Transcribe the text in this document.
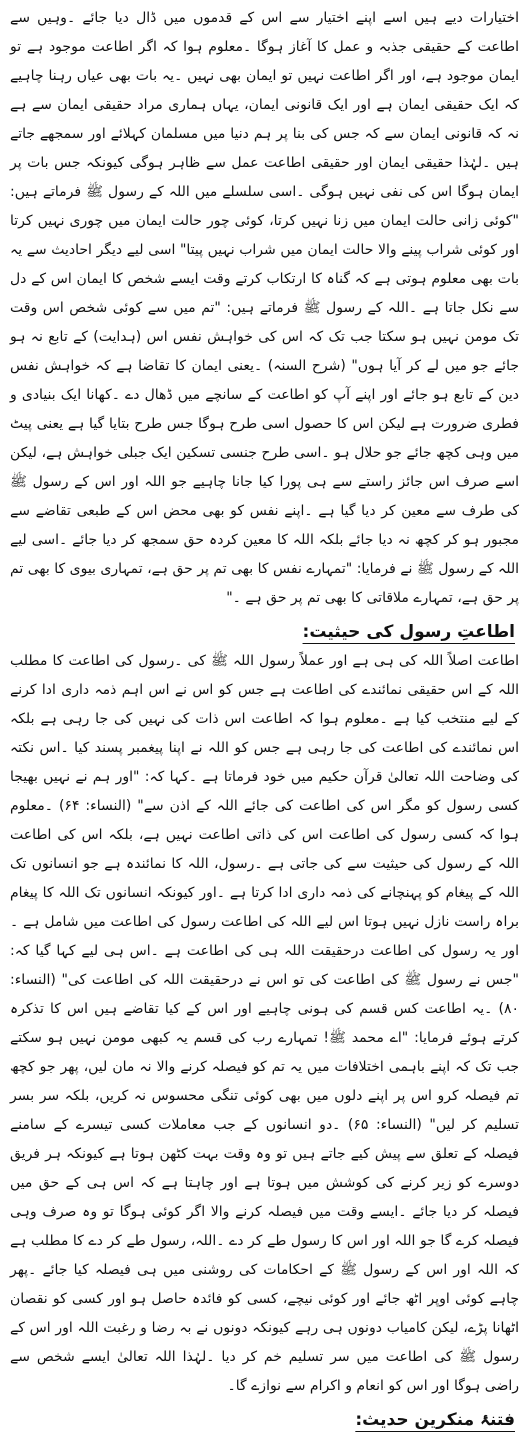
اختیارات دیے ہیں اسے اپنے اختیار سے اس کے قدموں میں ڈال دیا جائے ۔وہیں سے اطاعت کے حقیقی جذبہ و عمل کا آغاز ہوگا ۔معلوم ہوا کہ اگر اطاعت موجود ہے تو ایمان موجود ہے، اور اگر اطاعت نہیں تو ایمان بھی نہیں ۔یہ بات بھی عیاں رہنا چاہیے کہ ایک حقیقی ایمان ہے اور ایک قانونی ایمان، یہاں ہماری مراد حقیقی ایمان سے ہے نہ کہ قانونی ایمان سے کہ جس کی بنا پر ہم دنیا میں مسلمان کہلائے اور سمجھے جاتے ہیں ۔لہٰذا حقیقی ایمان اور حقیقی اطاعت عمل سے ظاہر ہوگی کیونکہ جس بات پر ایمان ہوگا اس کی نفی نہیں ہوگی ۔اسی سلسلے میں اللہ کے رسول ﷺ فرماتے ہیں: "کوئی زانی حالت ایمان میں زنا نہیں کرتا، کوئی چور حالت ایمان میں چوری نہیں کرتا اور کوئی شراب پینے والا حالت ایمان میں شراب نہیں پیتا" اسی لیے دیگر احادیث سے یہ بات بھی معلوم ہوتی ہے کہ گناہ کا ارتکاب کرتے وقت ایسے شخص کا ایمان اس کے دل سے نکل جاتا ہے ۔اللہ کے رسول ﷺ فرماتے ہیں: "تم میں سے کوئی شخص اس وقت تک مومن نہیں ہو سکتا جب تک کہ اس کی خواہش نفس اس (ہدایت) کے تابع نہ ہو جائے جو میں لے کر آیا ہوں" (شرح السنہ) ۔یعنی ایمان کا تقاضا ہے کہ خواہش نفس دین کے تابع ہو جائے اور اپنے آپ کو اطاعت کے سانچے میں ڈھال دے ۔کھانا ایک بنیادی و فطری ضرورت ہے لیکن اس کا حصول اسی طرح ہوگا جس طرح بتایا گیا ہے یعنی پیٹ میں وہی کچھ جائے جو حلال ہو ۔اسی طرح جنسی تسکین ایک جبلی خواہش ہے، لیکن اسے صرف اس جائز راستے سے ہی پورا کیا جانا چاہیے جو اللہ اور اس کے رسول ﷺ کی طرف سے معین کر دیا گیا ہے ۔اپنے نفس کو بھی محض اس کے طبعی تقاضے سے مجبور ہو کر کچھ نہ دیا جائے بلکہ اللہ کا معین کردہ حق سمجھ کر دیا جائے ۔اسی لیے اللہ کے رسول ﷺ نے فرمایا: "تمہارے نفس کا بھی تم پر حق ہے، تمہاری بیوی کا بھی تم پر حق ہے، تمہارے ملاقاتی کا بھی تم پر حق ہے ۔"

اطاعتِ رسول کی حیثیت:

اطاعت اصلاً اللہ کی ہی ہے اور عملاً رسول اللہ ﷺ کی ۔رسول کی اطاعت کا مطلب اللہ کے اس حقیقی نمائندے کی اطاعت ہے جس کو اس نے اس اہم ذمہ داری ادا کرنے کے لیے منتخب کیا ہے ۔معلوم ہوا کہ اطاعت اس ذات کی نہیں کی جا رہی ہے بلکہ اس نمائندے کی اطاعت کی جا رہی ہے جس کو اللہ نے اپنا پیغمبر پسند کیا ۔اس نکتہ کی وضاحت اللہ تعالیٰ قرآن حکیم میں خود فرماتا ہے ۔کہا کہ: "اور ہم نے نہیں بھیجا کسی رسول کو مگر اس کی اطاعت کی جائے اللہ کے اذن سے" (النساء: ۶۴) ۔معلوم ہوا کہ کسی رسول کی اطاعت اس کی ذاتی اطاعت نہیں ہے، بلکہ اس کی اطاعت اللہ کے رسول کی حیثیت سے کی جاتی ہے ۔رسول، اللہ کا نمائندہ ہے جو انسانوں تک اللہ کے پیغام کو پہنچانے کی ذمہ داری ادا کرتا ہے ۔اور کیونکہ انسانوں تک اللہ کا پیغام براہ راست نازل نہیں ہوتا اس لیے اللہ کی اطاعت رسول کی اطاعت میں شامل ہے ۔اور یہ رسول کی اطاعت درحقیقت اللہ ہی کی اطاعت ہے ۔اس ہی لیے کہا گیا کہ: "جس نے رسول ﷺ کی اطاعت کی تو اس نے درحقیقت اللہ کی اطاعت کی" (النساء: ۸۰) ۔یہ اطاعت کس قسم کی ہونی چاہیے اور اس کے کیا تقاضے ہیں اس کا تذکرہ کرتے ہوئے فرمایا: "اے محمد ﷺ! تمہارے رب کی قسم یہ کبھی مومن نہیں ہو سکتے جب تک کہ اپنے باہمی اختلافات میں یہ تم کو فیصلہ کرنے والا نہ مان لیں، پھر جو کچھ تم فیصلہ کرو اس پر اپنے دلوں میں بھی کوئی تنگی محسوس نہ کریں، بلکہ سر بسر تسلیم کر لیں" (النساء: ۶۵) ۔دو انسانوں کے جب معاملات کسی تیسرے کے سامنے فیصلہ کے تعلق سے پیش کیے جاتے ہیں تو وہ وقت بہت کٹھن ہوتا ہے کیونکہ ہر فریق دوسرے کو زیر کرنے کی کوشش میں ہوتا ہے اور چاہتا ہے کہ اس ہی کے حق میں فیصلہ کر دیا جائے ۔ایسے وقت میں فیصلہ کرنے والا اگر کوئی ہوگا تو وہ صرف وہی فیصلہ کرے گا جو اللہ اور اس کا رسول طے کر دے ۔اللہ، رسول طے کر دے کا مطلب ہے کہ اللہ اور اس کے رسول ﷺ کے احکامات کی روشنی میں ہی فیصلہ کیا جائے ۔پھر چاہے کوئی اوپر اٹھ جائے اور کوئی نیچے، کسی کو فائدہ حاصل ہو اور کسی کو نقصان اٹھانا پڑے، لیکن کامیاب دونوں ہی رہے کیونکہ دونوں نے بہ رضا و رغبت اللہ اور اس کے رسول ﷺ کی اطاعت میں سر تسلیم خم کر دیا ۔لہٰذا اللہ تعالیٰ ایسے شخص سے راضی ہوگا اور اس کو انعام و اکرام سے نوازے گا۔

فتنۂ منکرین حدیث:
